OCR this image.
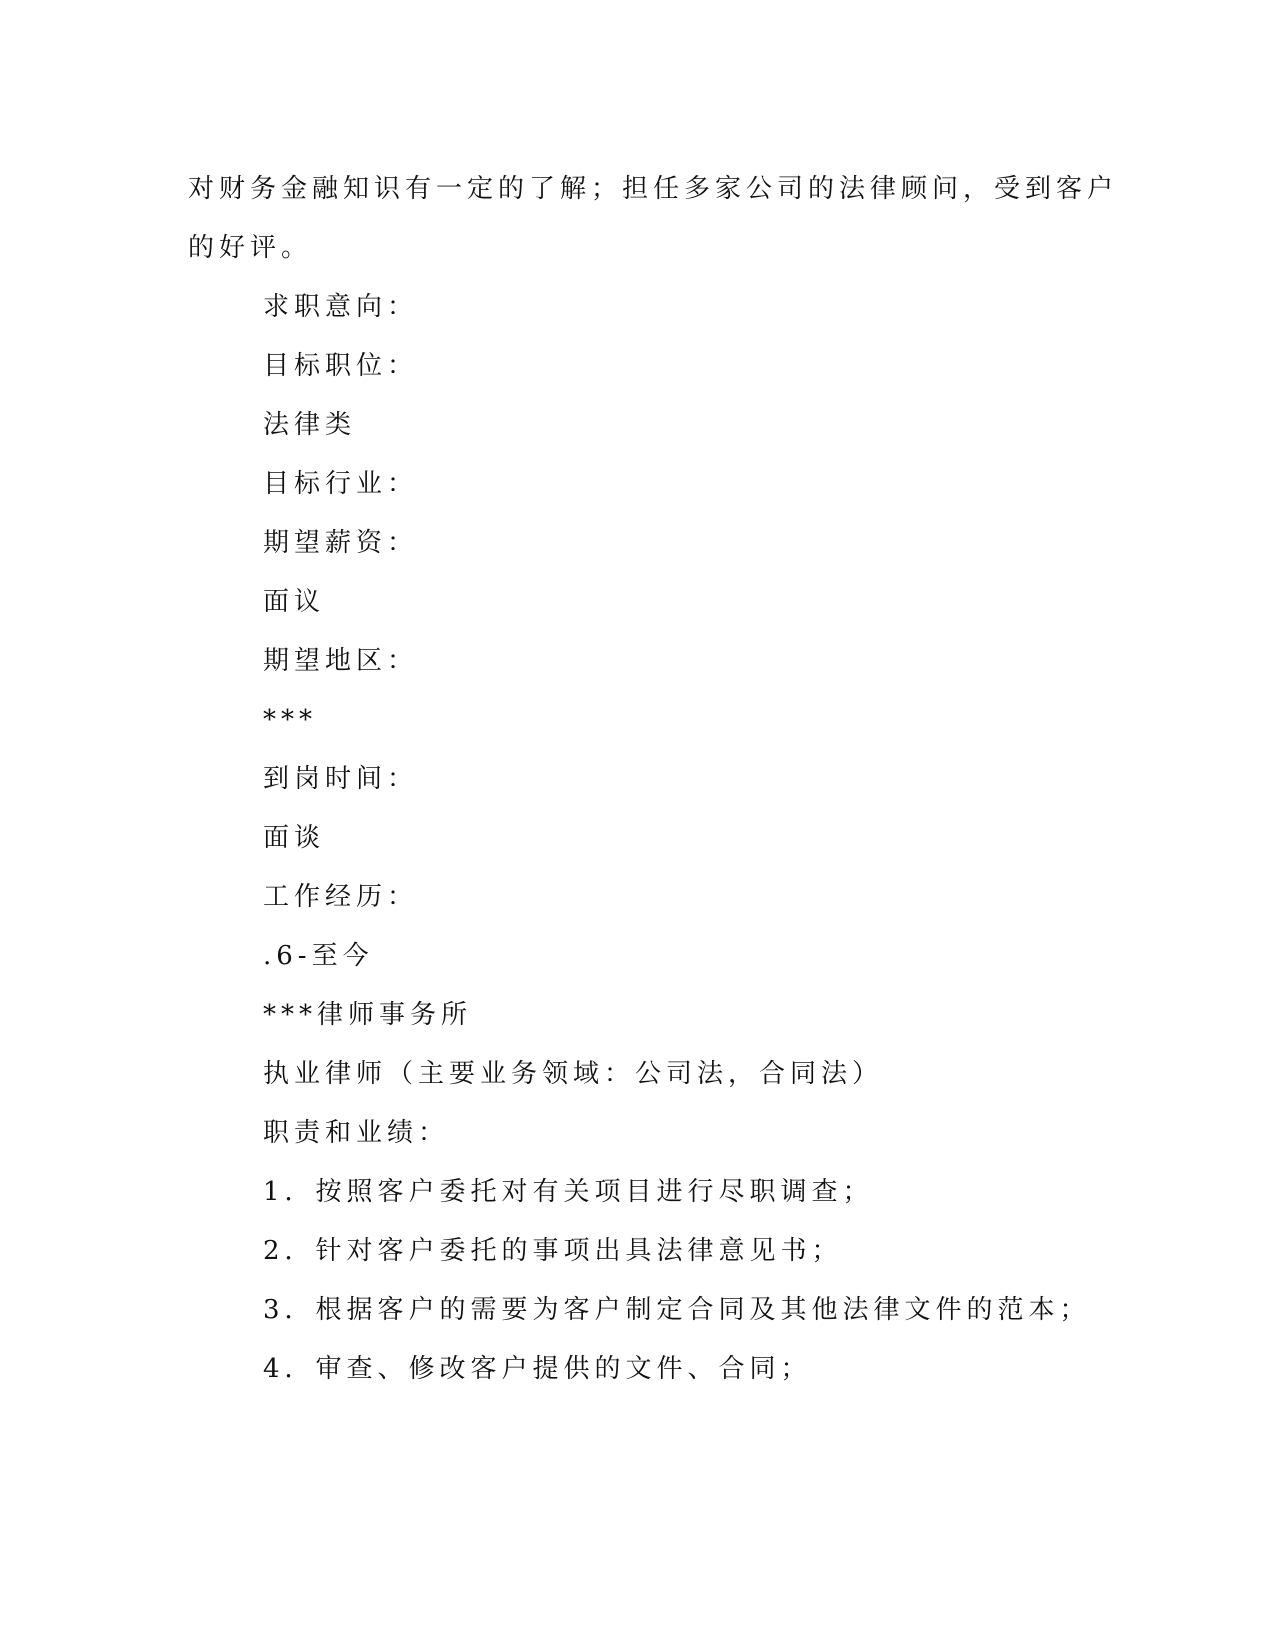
对财务金融知识有一定的了解；担任多家公司的法律顾问，受到客户
的好评。
求职意向：
目标职位：
法律类
目标行业：
期望薪资：
面议
期望地区：
***
到岗时间：
面谈
工作经历：
.6-至今
***律师事务所
执业律师（主要业务领域：公司法，合同法）
职责和业绩：
1．按照客户委托对有关项目进行尽职调查；
2．针对客户委托的事项出具法律意见书；
3．根据客户的需要为客户制定合同及其他法律文件的范本；
4．审查、修改客户提供的文件、合同；
